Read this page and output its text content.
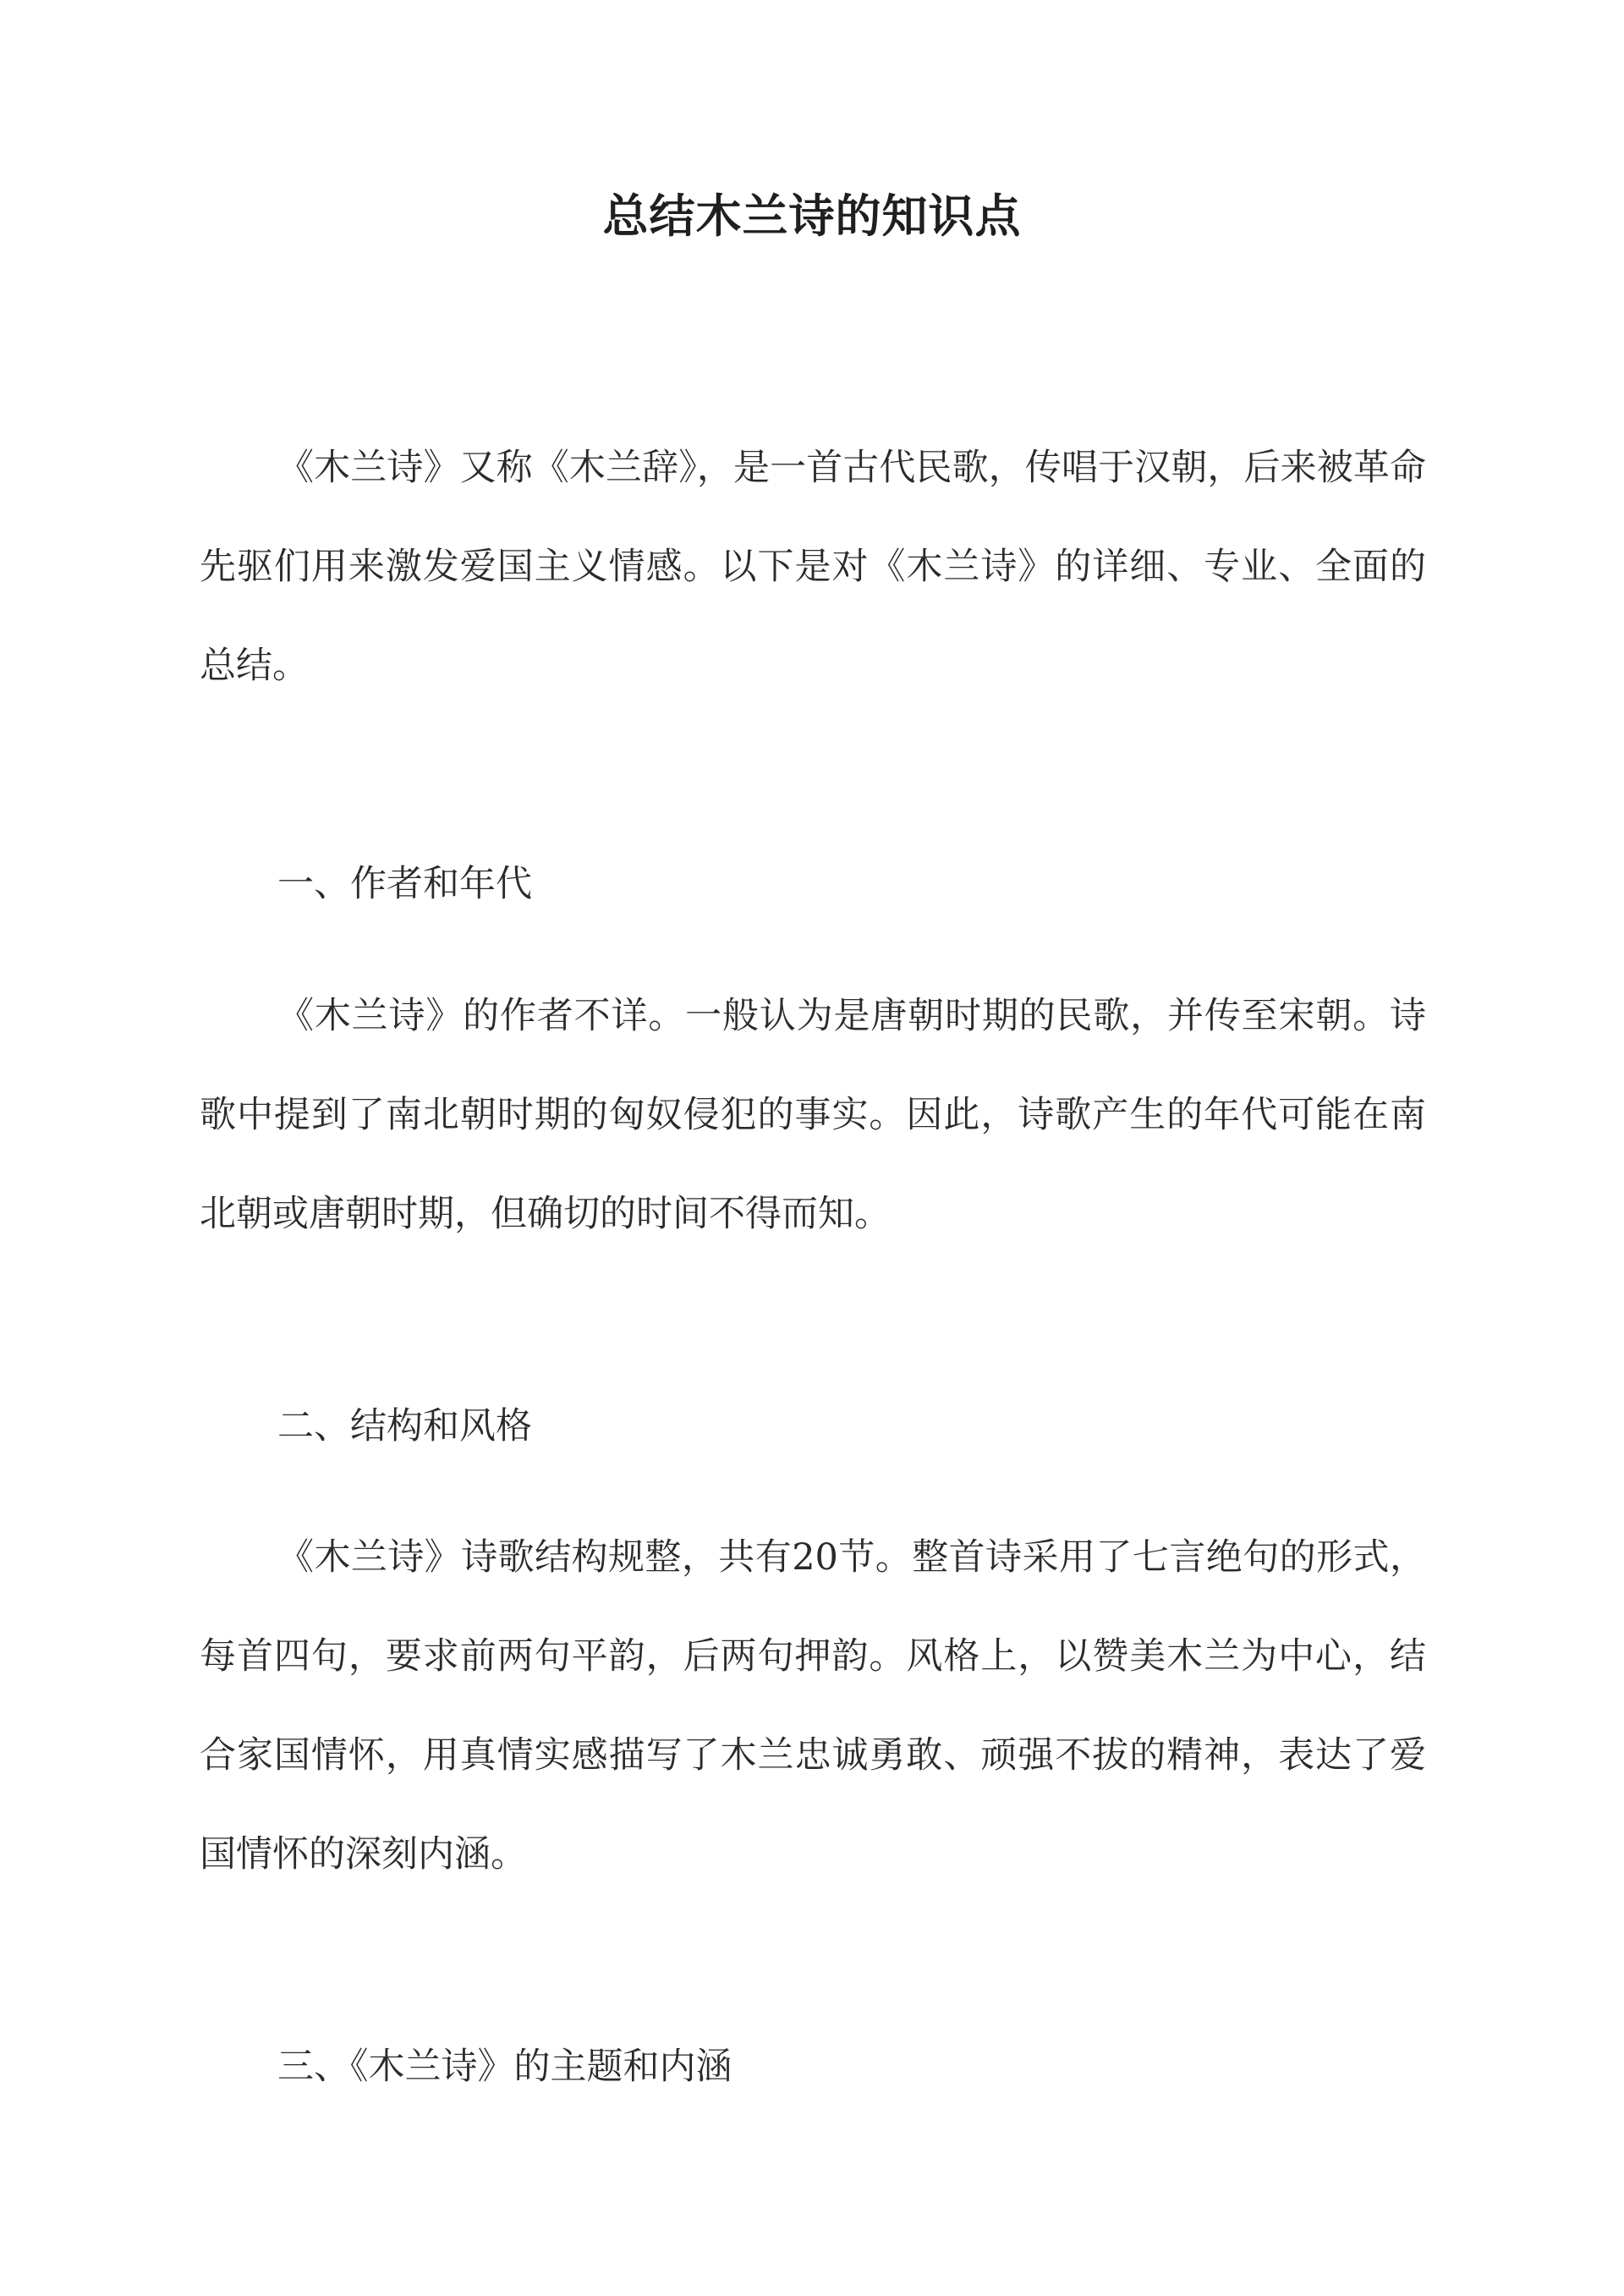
总结木兰诗的知识点

《木兰诗》又称《木兰辞》，是一首古代民歌，传唱于汉朝，后来被革命先驱们用来激发爱国主义情感。以下是对《木兰诗》的详细、专业、全面的总结。

一、作者和年代

《木兰诗》的作者不详。一般认为是唐朝时期的民歌，并传至宋朝。诗歌中提到了南北朝时期的匈奴侵犯的事实。因此，诗歌产生的年代可能在南北朝或唐朝时期，但确切的时间不得而知。

二、结构和风格

《木兰诗》诗歌结构规整，共有20节。整首诗采用了七言绝句的形式，每首四句，要求前两句平韵，后两句押韵。风格上，以赞美木兰为中心，结合家国情怀，用真情实感描写了木兰忠诚勇敢、顽强不拔的精神，表达了爱国情怀的深刻内涵。

三、《木兰诗》的主题和内涵
